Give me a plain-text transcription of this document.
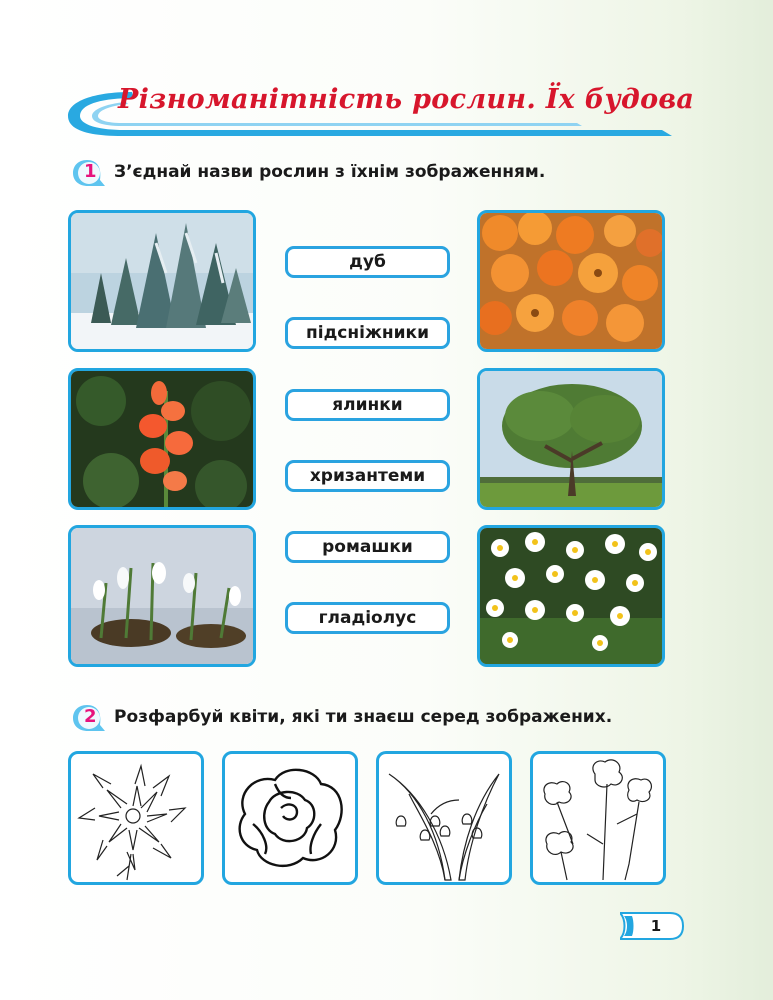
Різноманітність рослин. Їх будова
1 З’єднай назви рослин з їхнім зображенням.
дуб
підсніжники
ялинки
хризантеми
ромашки
гладіолус
2 Розфарбуй квіти, які ти знаєш серед зображених.
1
